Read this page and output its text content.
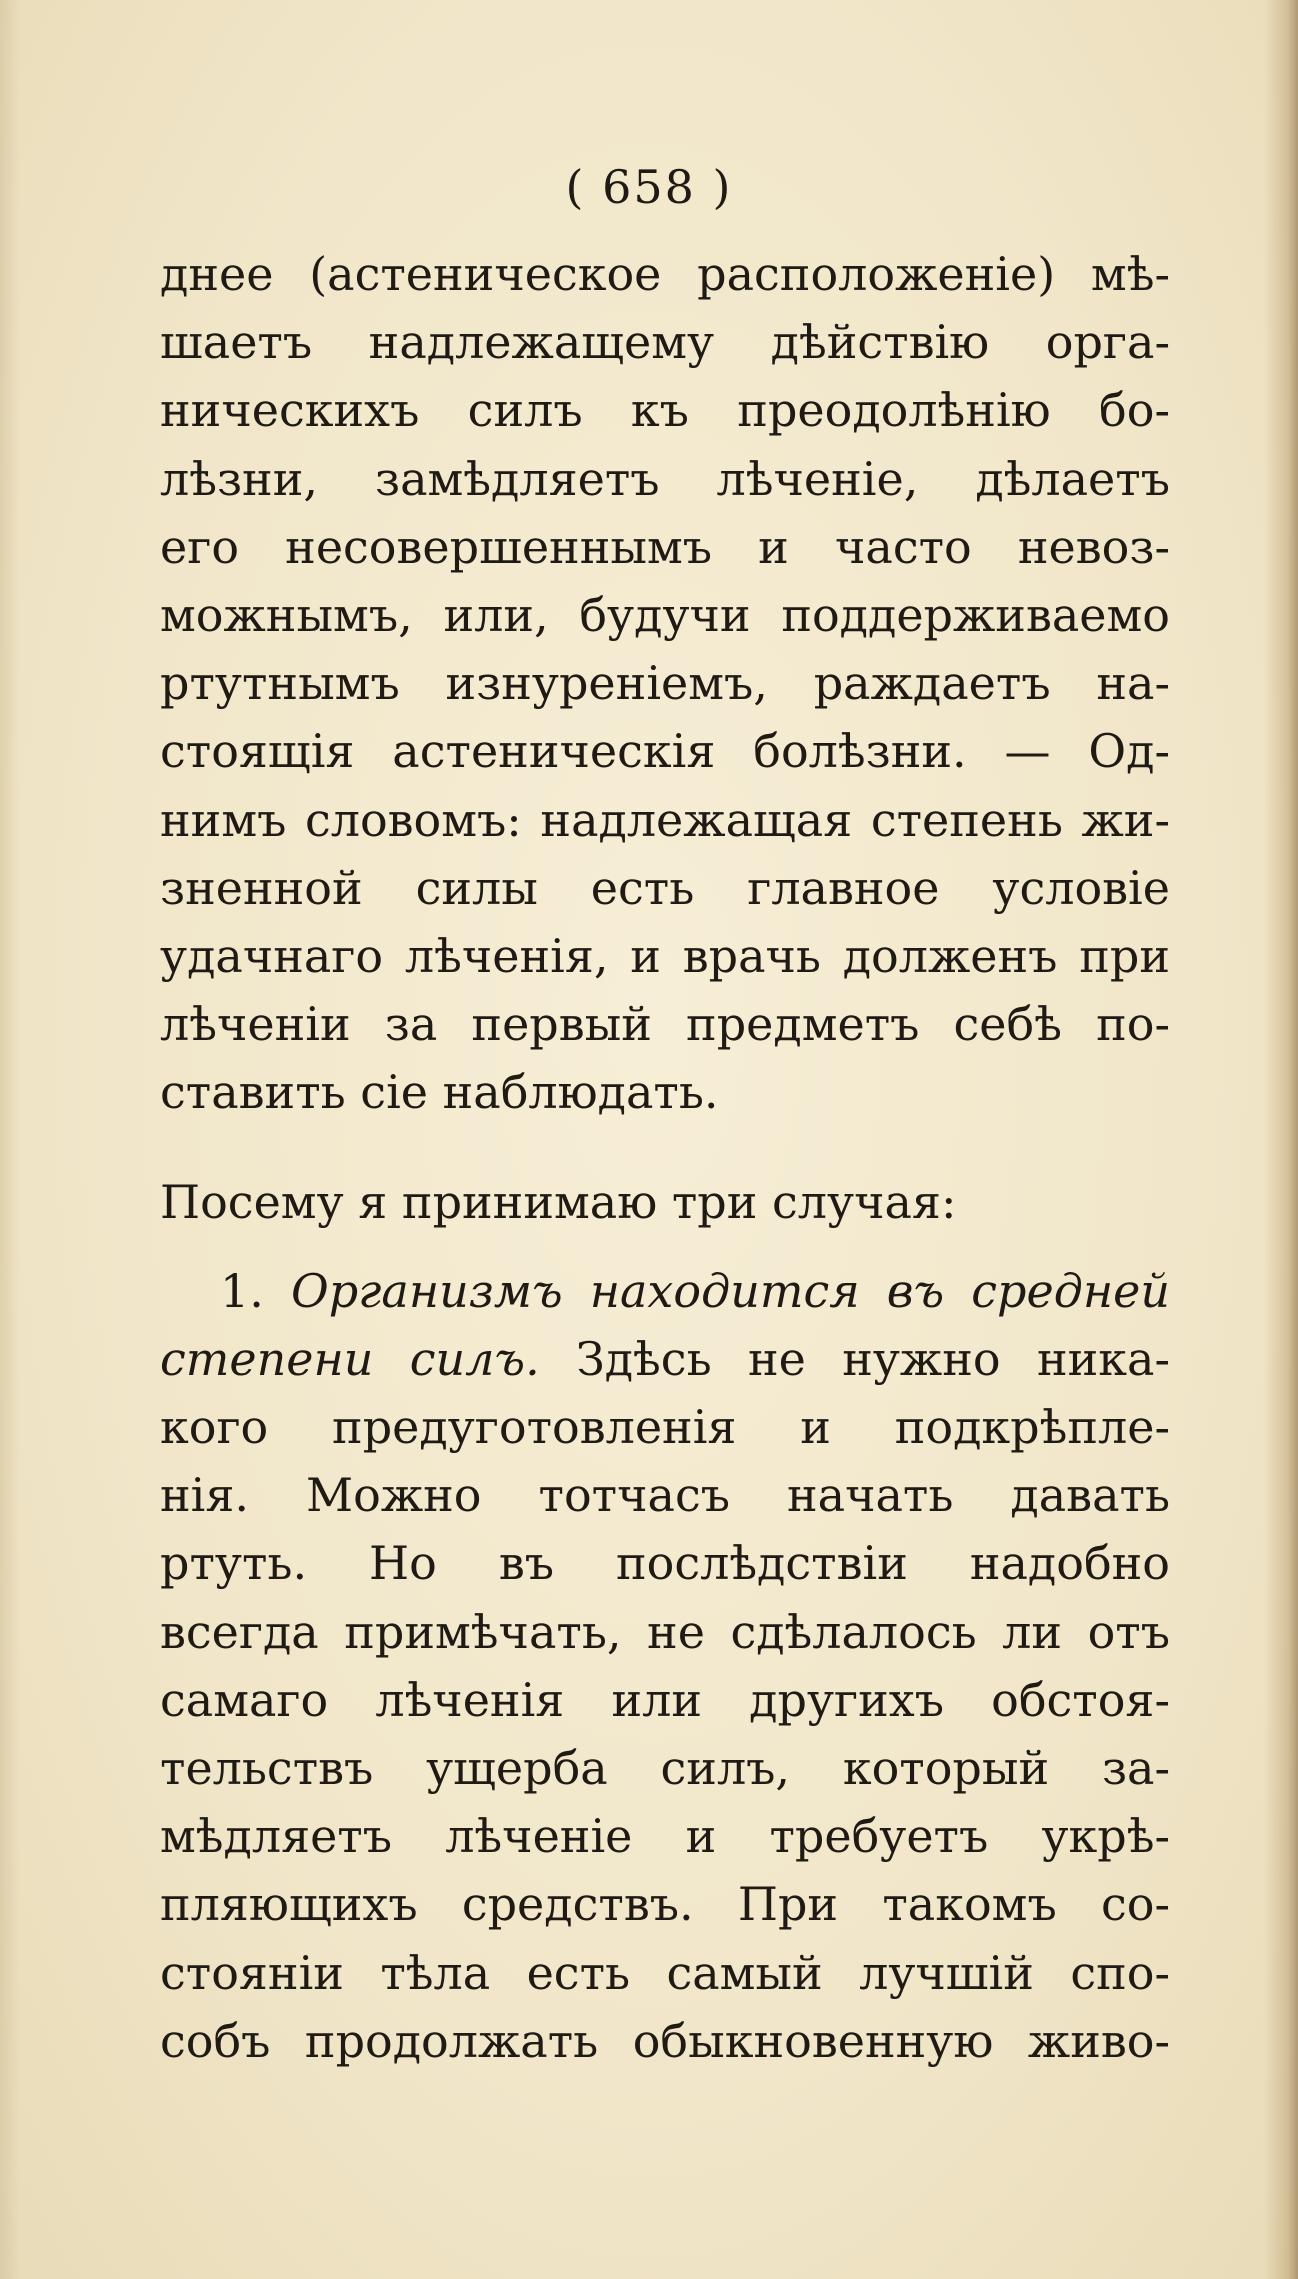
( 658 )
днее (астеническое расположеніе) мѣ-
шаетъ надлежащему дѣйствію орга-
ническихъ силъ къ преодолѣнію бо-
лѣзни, замѣдляетъ лѣченіе, дѣлаетъ
его несовершеннымъ и часто невоз-
можнымъ, или, будучи поддерживаемо
ртутнымъ изнуреніемъ, раждаетъ на-
стоящія астеническія болѣзни. — Од-
нимъ словомъ: надлежащая степень жи-
зненной силы есть главное условіе
удачнаго лѣченія, и врачь долженъ при
лѣченіи за первый предметъ себѣ по-
ставить сіе наблюдать.
Посему я принимаю три случая:
1. Организмъ находится въ средней
степени силъ. Здѣсь не нужно ника-
кого предуготовленія и подкрѣпле-
нія. Можно тотчасъ начать давать
ртуть. Но въ послѣдствіи надобно
всегда примѣчать, не сдѣлалось ли отъ
самаго лѣченія или другихъ обстоя-
тельствъ ущерба силъ, который за-
мѣдляетъ лѣченіе и требуетъ укрѣ-
пляющихъ средствъ. При такомъ со-
стояніи тѣла есть самый лучшій спо-
собъ продолжать обыкновенную живо-
